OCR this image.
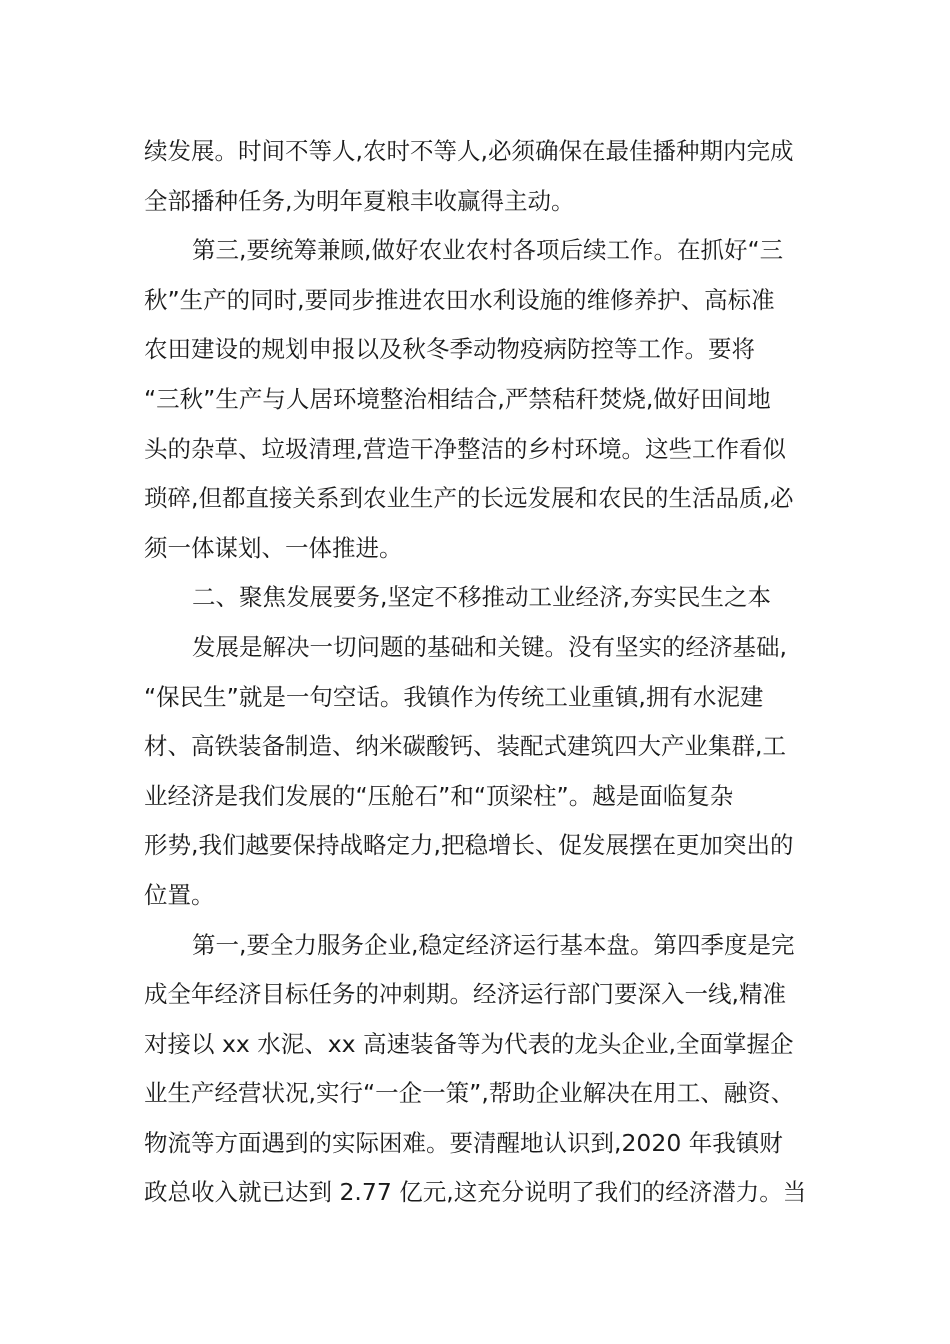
续发展。时间不等人,农时不等人,必须确保在最佳播种期内完成
全部播种任务,为明年夏粮丰收赢得主动。
第三,要统筹兼顾,做好农业农村各项后续工作。在抓好“三
秋”生产的同时,要同步推进农田水利设施的维修养护、高标准
农田建设的规划申报以及秋冬季动物疫病防控等工作。要将
“三秋”生产与人居环境整治相结合,严禁秸秆焚烧,做好田间地
头的杂草、垃圾清理,营造干净整洁的乡村环境。这些工作看似
琐碎,但都直接关系到农业生产的长远发展和农民的生活品质,必
须一体谋划、一体推进。
二、聚焦发展要务,坚定不移推动工业经济,夯实民生之本
发展是解决一切问题的基础和关键。没有坚实的经济基础,
“保民生”就是一句空话。我镇作为传统工业重镇,拥有水泥建
材、高铁装备制造、纳米碳酸钙、装配式建筑四大产业集群,工
业经济是我们发展的“压舱石”和“顶梁柱”。越是面临复杂
形势,我们越要保持战略定力,把稳增长、促发展摆在更加突出的
位置。
第一,要全力服务企业,稳定经济运行基本盘。第四季度是完
成全年经济目标任务的冲刺期。经济运行部门要深入一线,精准
对接以 xx 水泥、xx 高速装备等为代表的龙头企业,全面掌握企
业生产经营状况,实行“一企一策”,帮助企业解决在用工、融资、
物流等方面遇到的实际困难。要清醒地认识到,2020 年我镇财
政总收入就已达到 2.77 亿元,这充分说明了我们的经济潜力。当
